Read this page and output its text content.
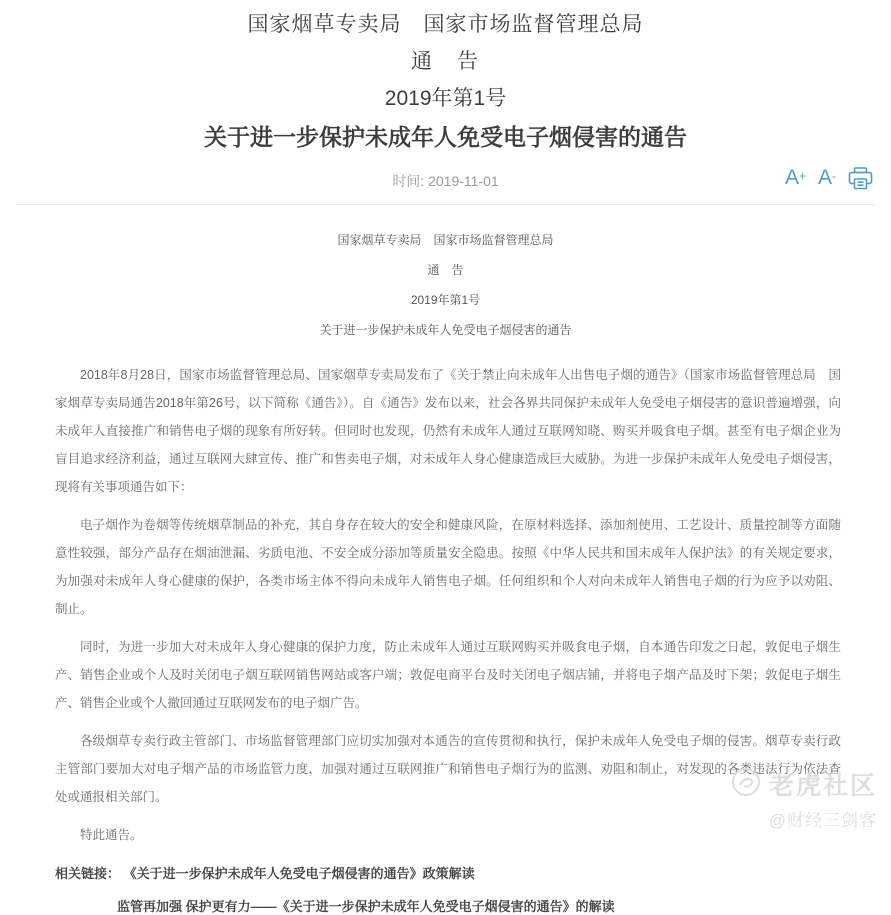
国家烟草专卖局　国家市场监督管理总局
通　告
2019年第1号
关于进一步保护未成年人免受电子烟侵害的通告
时间: 2019-11-01	A+ A-
国家烟草专卖局　国家市场监督管理总局
通　告
2019年第1号
关于进一步保护未成年人免受电子烟侵害的通告

2018年8月28日，国家市场监督管理总局、国家烟草专卖局发布了《关于禁止向未成年人出售电子烟的通告》（国家市场监督管理总局　国家烟草专卖局通告2018年第26号，以下简称《通告》）。自《通告》发布以来，社会各界共同保护未成年人免受电子烟侵害的意识普遍增强，向未成年人直接推广和销售电子烟的现象有所好转。但同时也发现，仍然有未成年人通过互联网知晓、购买并吸食电子烟。甚至有电子烟企业为盲目追求经济利益，通过互联网大肆宣传、推广和售卖电子烟，对未成年人身心健康造成巨大威胁。为进一步保护未成年人免受电子烟侵害，现将有关事项通告如下：

电子烟作为卷烟等传统烟草制品的补充，其自身存在较大的安全和健康风险，在原材料选择、添加剂使用、工艺设计、质量控制等方面随意性较强，部分产品存在烟油泄漏、劣质电池、不安全成分添加等质量安全隐患。按照《中华人民共和国未成年人保护法》的有关规定要求，为加强对未成年人身心健康的保护，各类市场主体不得向未成年人销售电子烟。任何组织和个人对向未成年人销售电子烟的行为应予以劝阻、制止。

同时，为进一步加大对未成年人身心健康的保护力度，防止未成年人通过互联网购买并吸食电子烟，自本通告印发之日起，敦促电子烟生产、销售企业或个人及时关闭电子烟互联网销售网站或客户端；敦促电商平台及时关闭电子烟店铺，并将电子烟产品及时下架；敦促电子烟生产、销售企业或个人撤回通过互联网发布的电子烟广告。

各级烟草专卖行政主管部门、市场监督管理部门应切实加强对本通告的宣传贯彻和执行，保护未成年人免受电子烟的侵害。烟草专卖行政主管部门要加大对电子烟产品的市场监管力度，加强对通过互联网推广和销售电子烟行为的监测、劝阻和制止，对发现的各类违法行为依法查处或通报相关部门。

特此通告。

相关链接： 《关于进一步保护未成年人免受电子烟侵害的通告》政策解读
监管再加强 保护更有力——《关于进一步保护未成年人免受电子烟侵害的通告》的解读
老虎社区
@财经三剑客
